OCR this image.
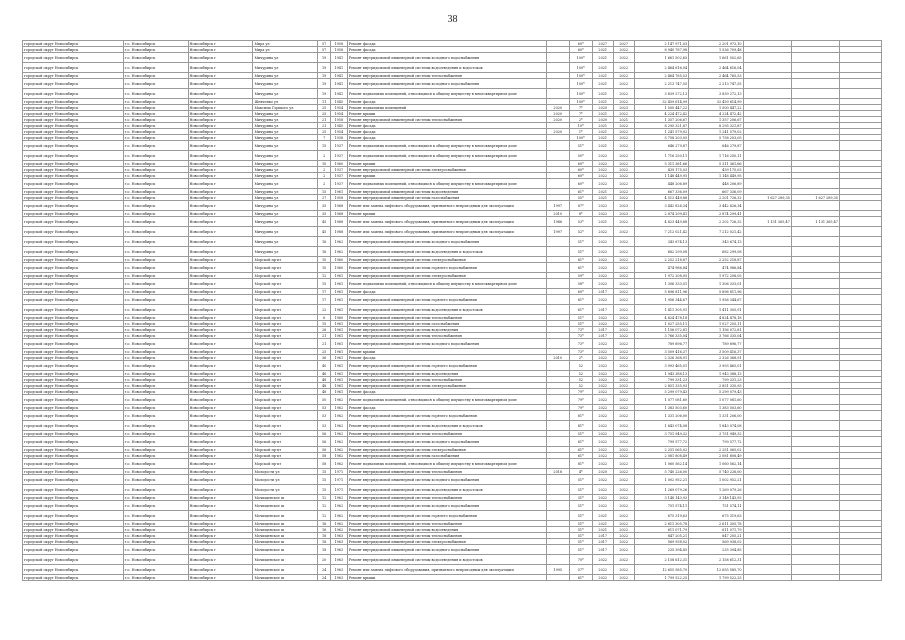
38
городской округ Новосибирск	г.о. Новосибирск	Новосибирск г	Мира ул	57	1958	Ремонт фасада		60*	2027	2027	2 147 971,03	2 201 973,10			
городской округ Новосибирск	г.о. Новосибирск	Новосибирск г	Мира ул	57	1958	Ремонт фасада		60*	2021	2022	8 940 787,98	1 536 709,48			
городской округ Новосибирск	г.о. Новосибирск	Новосибирск г	Мичурина ул	19	1941	Ремонт внутридомовой инженерной системы холодного водоснабжения		100*	2021	2022	1 661 502,65	1 661 502,65			
городской округ Новосибирск	г.о. Новосибирск	Новосибирск г	Мичурина ул	19	1941	Ремонт внутридомовой инженерной системы водоотведения и водостоков		100*	2021	2022	2 464 616,04	2 464 616,04			
городской округ Новосибирск	г.о. Новосибирск	Новосибирск г	Мичурина ул	19	1941	Ремонт внутридомовой инженерной системы теплоснабжения		100*	2021	2022	2 464 765,53	2 464 765,53			
городской округ Новосибирск	г.о. Новосибирск	Новосибирск г	Мичурина ул	19	1941	Ремонт внутридомовой инженерной системы холодного водоснабжения		100*	2021	2022	2 213 747,55	2 213 747,55			
городской округ Новосибирск	г.о. Новосибирск	Новосибирск г	Мичурина ул	19	1941	Ремонт подвальных помещений, относящихся к общему имуществу в многоквартирном доме		100*	2021	2022	3 839 272,13	3 839 272,13			
городской округ Новосибирск	г.о. Новосибирск	Новосибирск г	Шевченко ул	11	1945	Ремонт фасада		100*	2021	2022	32 459 614,99	32 459 614,99			
городской округ Новосибирск	г.о. Новосибирск	Новосибирск г	Максима Горького ул	25	1954	Ремонт подвальных помещений	2020	7*	2020	2023	1 500 447,22	1 500 447,22			
городской округ Новосибирск	г.о. Новосибирск	Новосибирск г	Мичурина ул	25	1954	Ремонт крыши	2020	7*	2021	2022	4 224 472,42	4 224 472,42			
городской округ Новосибирск	г.о. Новосибирск	Новосибирск г	Мичурина ул	21	1958	Ремонт внутридомовой инженерной системы теплоснабжения	2020	2*	2020	2021	1 357 206,67	1 357 206,67			
городской округ Новосибирск	г.о. Новосибирск	Новосибирск г	Мичурина ул	21	1945	Ремонт фасада		10*	2021	2022	8 295 321,87	8 295 321,87			
городской округ Новосибирск	г.о. Новосибирск	Новосибирск г	Мичурина ул	25	1954	Ремонт фасада	2020	1*	2021	2022	1 241 579,02	1 241 579,02			
городской округ Новосибирск	г.о. Новосибирск	Новосибирск г	Мичурина ул	7	1938	Ремонт фасада		100*	2021	2022	5 758 203,05	5 758 203,05			
городской округ Новосибирск	г.о. Новосибирск	Новосибирск г	Мичурина ул	15	1937	Ремонт подвальных помещений, относящихся к общему имуществу в многоквартирном доме		51*	2021	2022	646 279,87	646 279,87			
городской округ Новосибирск	г.о. Новосибирск	Новосибирск г	Мичурина ул	2	1937	Ремонт подвальных помещений, относящихся к общему имуществу в многоквартирном доме		50*	2022	2022	1 716 250,11	1 716 250,11			
городской округ Новосибирск	г.о. Новосибирск	Новосибирск г	Мичурина ул	10	1960	Ремонт крыши		60*	2022	2022	5 311 361,66	5 311 361,66			
городской округ Новосибирск	г.о. Новосибирск	Новосибирск г	Мичурина ул	2	1937	Ремонт внутридомовой инженерной системы электроснабжения		60*	2022	2022	439 175,03	439 175,03			
городской округ Новосибирск	г.о. Новосибирск	Новосибирск г	Мичурина ул	2	1937	Ремонт крыши		60*	2022	2022	1 148 449,95	1 148 449,95			
городской округ Новосибирск	г.о. Новосибирск	Новосибирск г	Мичурина ул	2	1937	Ремонт подвальных помещений, относящихся к общему имуществу в многоквартирном доме		60*	2022	2022	448 206,89	448 206,89			
городской округ Новосибирск	г.о. Новосибирск	Новосибирск г	Мичурина ул	15	1961	Ремонт внутридомовой инженерной системы водоотведения		61*	2021	2022	667 336,09	667 336,09			
городской округ Новосибирск	г.о. Новосибирск	Новосибирск г	Мичурина ул	27	1958	Ремонт внутридомовой инженерной системы газоснабжения		55*	2021	2022	4 513 449,88	2 201 726,32	1 627 289,35	1 627 289,35	
городской округ Новосибирск	г.о. Новосибирск	Новосибирск г	Мичурина ул	35	1968	Ремонт или замена лифтового оборудования, признанного непригодным для эксплуатации	1997	87*	2022	2023	3 442 826,34	3 442 826,34			
городской округ Новосибирск	г.о. Новосибирск	Новосибирск г	Мичурина ул	35	1968	Ремонт крыши	2010	8*	2022	2023	2 874 299,41	2 874 299,41			
городской округ Новосибирск	г.о. Новосибирск	Новосибирск г	Мичурина ул	45	1988	Ремонт или замена лифтового оборудования, признанного непригодным для эксплуатации	1986	53*	2021	2022	4 823 449,88	2 202 726,32	1 131 365,47	1 131 365,47	
городской округ Новосибирск	г.о. Новосибирск	Новосибирск г	Мичурина ул	45	1988	Ремонт или замена лифтового оборудования, признанного непригодным для эксплуатации	1997	52*	2022	2022	7 212 021,42	7 212 021,42			
городской округ Новосибирск	г.о. Новосибирск	Новосибирск г	Мичурина ул	16	1962	Ремонт внутридомовой инженерной системы холодного водоснабжения		51*	2022	2022	343 674,13	343 674,13			
городской округ Новосибирск	г.о. Новосибирск	Новосибирск г	Мичурина ул	16	1962	Ремонт внутридомовой инженерной системы водоотведения и водостоков		51*	2022	2022	682 299,08	682 299,08			
городской округ Новосибирск	г.о. Новосибирск	Новосибирск г	Морской пр-кт	10	1960	Ремонт внутридомовой инженерной системы электроснабжения		61*	2022	2022	2 252 218,87	2 252 218,87			
городской округ Новосибирск	г.о. Новосибирск	Новосибирск г	Морской пр-кт	10	1960	Ремонт внутридомовой инженерной системы горячего водоснабжения		61*	2022	2022	474 986,84	474 986,84			
городской округ Новосибирск	г.о. Новосибирск	Новосибирск г	Морской пр-кт	12	1961	Ремонт внутридомовой инженерной системы электроснабжения		59*	2022	2022	1 972 208,05	1 972 208,05			
городской округ Новосибирск	г.о. Новосибирск	Новосибирск г	Морской пр-кт	15	1961	Ремонт подвальных помещений, относящихся к общему имуществу в многоквартирном доме		58*	2022	2022	1 306 333,01	1 306 333,01			
городской округ Новосибирск	г.о. Новосибирск	Новосибирск г	Морской пр-кт	17	1961	Ремонт фасада		60*	2017	2022	5 896 811,96	5 896 811,96			
городской округ Новосибирск	г.о. Новосибирск	Новосибирск г	Морской пр-кт	17	1961	Ремонт внутридомовой инженерной системы горячего водоснабжения		61*	2022	2022	1 956 344,67	1 956 344,67			
городской округ Новосибирск	г.о. Новосибирск	Новосибирск г	Морской пр-кт	22	1961	Ремонт внутридомовой инженерной системы водоотведения и водостоков		61*	2017	2022	1 411 305,91	1 411 305,91			
городской округ Новосибирск	г.о. Новосибирск	Новосибирск г	Морской пр-кт	6	1960	Ремонт внутридомовой инженерной системы теплоснабжения		51*	2022	2022	4 824 478,18	4 824 478,18			
городской округ Новосибирск	г.о. Новосибирск	Новосибирск г	Морской пр-кт	15	1961	Ремонт внутридомовой инженерной системы газоснабжения		51*	2022	2022	1 027 255,11	1 027 255,11			
городской округ Новосибирск	г.о. Новосибирск	Новосибирск г	Морской пр-кт	26	1961	Ремонт внутридомовой инженерной системы водоотведения		73*	2017	2022	1 156 072,81	1 156 072,81			
городской округ Новосибирск	г.о. Новосибирск	Новосибирск г	Морской пр-кт	21	1961	Ремонт внутридомовой инженерной системы теплоснабжения		73*	2017	2022	3 766 335,04	3 766 335,04			
городской округ Новосибирск	г.о. Новосибирск	Новосибирск г	Морской пр-кт	21	1961	Ремонт внутридомовой инженерной системы холодного водоснабжения		73*	2022	2022	789 896,77	789 896,77			
городской округ Новосибирск	г.о. Новосибирск	Новосибирск г	Морской пр-кт	25	1961	Ремонт крыши		73*	2022	2022	3 509 416,37	3 509 416,37			
городской округ Новосибирск	г.о. Новосибирск	Новосибирск г	Морской пр-кт	36	1961	Ремонт фасада	2010	2*	2022	2022	2 326 368,91	2 326 368,91			
городской округ Новосибирск	г.о. Новосибирск	Новосибирск г	Морской пр-кт	40	1961	Ремонт внутридомовой инженерной системы горячего водоснабжения		52	2022	2022	3 993 465,01	3 993 465,01			
городской округ Новосибирск	г.о. Новосибирск	Новосибирск г	Морской пр-кт	46	1961	Ремонт внутридомовой инженерной системы водоотведения		52	2022	2022	1 943 388,13	1 943 388,13			
городской округ Новосибирск	г.о. Новосибирск	Новосибирск г	Морской пр-кт	48	1961	Ремонт внутридомовой инженерной системы теплоснабжения		52	2022	2022	799 331,23	799 331,23			
городской округ Новосибирск	г.о. Новосибирск	Новосибирск г	Морской пр-кт	48	1961	Ремонт внутридомовой инженерной системы электроснабжения		52	2022	2022	2 851 335,93	2 851 335,93			
городской округ Новосибирск	г.о. Новосибирск	Новосибирск г	Морской пр-кт	48	1961	Ремонт фасада		79*	2022	2022	5 299 079,43	5 299 079,43			
городской округ Новосибирск	г.о. Новосибирск	Новосибирск г	Морской пр-кт	50	1962	Ремонт подвальных помещений, относящихся к общему имуществу в многоквартирном доме		79*	2022	2022	1 077 081,60	1 077 081,60			
городской округ Новосибирск	г.о. Новосибирск	Новосибирск г	Морской пр-кт	53	1962	Ремонт фасада		79*	2022	2022	1 383 503,60	1 383 503,60			
городской округ Новосибирск	г.о. Новосибирск	Новосибирск г	Морской пр-кт	53	1962	Ремонт внутридомовой инженерной системы горячего водоснабжения		81*	2022	2022	1 331 206,00	1 331 206,00			
городской округ Новосибирск	г.о. Новосибирск	Новосибирск г	Морской пр-кт	53	1962	Ремонт внутридомовой инженерной системы водоотведения и водостоков		81*	2022	2022	1 843 074,08	1 843 074,08			
городской округ Новосибирск	г.о. Новосибирск	Новосибирск г	Морской пр-кт	56	1962	Ремонт внутридомовой инженерной системы теплоснабжения		51*	2022	2022	3 751 949,32	3 751 949,32			
городской округ Новосибирск	г.о. Новосибирск	Новосибирск г	Морской пр-кт	56	1962	Ремонт внутридомовой инженерной системы холодного водоснабжения		61*	2022	2022	799 577,72	799 577,72			
городской округ Новосибирск	г.о. Новосибирск	Новосибирск г	Морской пр-кт	56	1962	Ремонт внутридомовой инженерной системы электроснабжения		61*	2022	2022	2 251 065,02	2 251 065,02			
городской округ Новосибирск	г.о. Новосибирск	Новосибирск г	Морской пр-кт	58	1962	Ремонт внутридомовой инженерной системы газоснабжения		61*	2022	2022	2 081 808,49	2 081 808,49			
городской округ Новосибирск	г.о. Новосибирск	Новосибирск г	Морской пр-кт	58	1962	Ремонт подвальных помещений, относящихся к общему имуществу в многоквартирном доме		81*	2022	2022	1 060 562,14	1 060 562,14			
городской округ Новосибирск	г.о. Новосибирск	Новосибирск г	Молодости ул	15	1971	Ремонт внутридомовой инженерной системы теплоснабжения	2018	4*	2020	2022	5 740 226,00	5 740 226,00			
городской округ Новосибирск	г.о. Новосибирск	Новосибирск г	Молодости ул	15	1971	Ремонт внутридомовой инженерной системы холодного водоснабжения		51*	2022	2022	1 002 952,21	1 002 952,21			
городской округ Новосибирск	г.о. Новосибирск	Новосибирск г	Молодости ул	15	1971	Ремонт внутридомовой инженерной системы водоотведения и водостоков		51*	2022	2022	1 269 079,26	1 269 079,26			
городской округ Новосибирск	г.о. Новосибирск	Новосибирск г	Мочищенское ш	12	1962	Ремонт внутридомовой инженерной системы теплоснабжения		31*	2022	2022	3 148 143,93	3 148 143,93			
городской округ Новосибирск	г.о. Новосибирск	Новосибирск г	Мочищенское ш	12	1962	Ремонт внутридомовой инженерной системы холодного водоснабжения		51*	2022	2022	751 574,11	751 574,11			
городской округ Новосибирск	г.о. Новосибирск	Новосибирск г	Мочищенское ш	12	1962	Ремонт внутридомовой инженерной системы горячего водоснабжения		51*	2021	2022	675 319,63	675 319,63			
городской округ Новосибирск	г.о. Новосибирск	Новосибирск г	Мочищенское ш	16	1962	Ремонт внутридомовой инженерной системы теплоснабжения		51*	2021	2022	2 611 305,78	2 611 305,78			
городской округ Новосибирск	г.о. Новосибирск	Новосибирск г	Мочищенское ш	16	1962	Ремонт внутридомовой инженерной системы водоотведения		51*	2021	2022	611 071,79	611 071,79			
городской округ Новосибирск	г.о. Новосибирск	Новосибирск г	Мочищенское ш	18	1963	Ремонт внутридомовой инженерной системы теплоснабжения		51*	2017	2022	847 205,21	847 205,21			
городской округ Новосибирск	г.о. Новосибирск	Новосибирск г	Мочищенское ш	18	1963	Ремонт внутридомовой инженерной системы электроснабжения		51*	2017	2022	569 938,02	569 938,02			
городской округ Новосибирск	г.о. Новосибирск	Новосибирск г	Мочищенское ш	18	1963	Ремонт внутридомовой инженерной системы холодного водоснабжения		51*	2017	2022	235 394,85	235 394,85			
городской округ Новосибирск	г.о. Новосибирск	Новосибирск г	Мочищенское ш	20	1963	Ремонт внутридомовой инженерной системы водоотведения и водостоков		70*	2022	2022	2 158 612,31	2 158 612,31			
городской округ Новосибирск	г.о. Новосибирск	Новосибирск г	Мочищенское ш	24	1963	Ремонт или замена лифтового оборудования, признанного непригодным для эксплуатации	1995	57*	2022	2022	12 655 585,70	12 655 585,70			
городской округ Новосибирск	г.о. Новосибирск	Новосибирск г	Мочищенское ш	24	1963	Ремонт крыши		61*	2022	2022	1 799 522,25	1 799 522,25			
